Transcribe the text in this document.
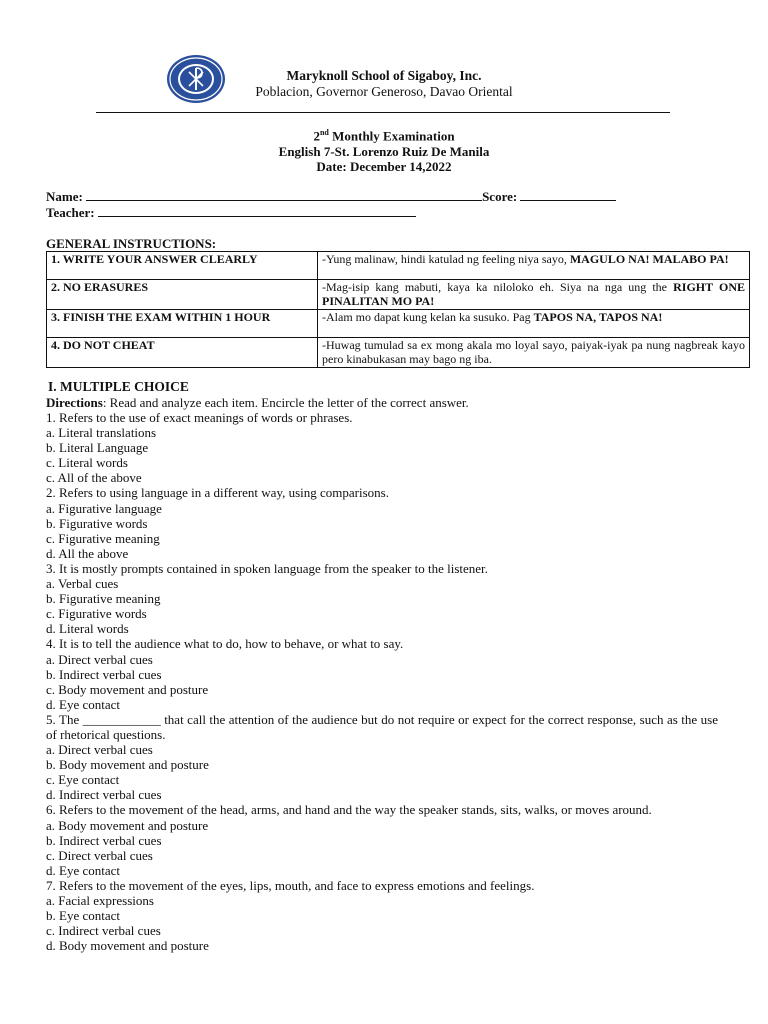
Maryknoll School of Sigaboy, Inc.
Poblacion, Governor Generoso, Davao Oriental
2nd Monthly Examination
English 7-St. Lorenzo Ruiz De Manila
Date: December 14,2022
Name:	Score:
Teacher:
GENERAL INSTRUCTIONS:
1. WRITE YOUR ANSWER CLEARLY	-Yung malinaw, hindi katulad ng feeling niya sayo, MAGULO NA! MALABO PA!
2. NO ERASURES	-Mag-isip kang mabuti, kaya ka niloloko eh. Siya na nga ung the RIGHT ONE PINALITAN MO PA!
3. FINISH THE EXAM WITHIN 1 HOUR	-Alam mo dapat kung kelan ka susuko. Pag TAPOS NA, TAPOS NA!
4. DO NOT CHEAT	-Huwag tumulad sa ex mong akala mo loyal sayo, paiyak-iyak pa nung nagbreak kayo pero kinabukasan may bago ng iba.
I. MULTIPLE CHOICE
Directions: Read and analyze each item. Encircle the letter of the correct answer.
1. Refers to the use of exact meanings of words or phrases.
a. Literal translations
b. Literal Language
c. Literal words
c. All of the above
2. Refers to using language in a different way, using comparisons.
a. Figurative language
b. Figurative words
c. Figurative meaning
d. All the above
3. It is mostly prompts contained in spoken language from the speaker to the listener.
a. Verbal cues
b. Figurative meaning
c. Figurative words
d. Literal words
4. It is to tell the audience what to do, how to behave, or what to say.
a. Direct verbal cues
b. Indirect verbal cues
c. Body movement and posture
d. Eye contact
5. The ____________ that call the attention of the audience but do not require or expect for the correct response, such as the use of rhetorical questions.
a. Direct verbal cues
b. Body movement and posture
c. Eye contact
d. Indirect verbal cues
6. Refers to the movement of the head, arms, and hand and the way the speaker stands, sits, walks, or moves around.
a. Body movement and posture
b. Indirect verbal cues
c. Direct verbal cues
d. Eye contact
7. Refers to the movement of the eyes, lips, mouth, and face to express emotions and feelings.
a. Facial expressions
b. Eye contact
c. Indirect verbal cues
d. Body movement and posture
